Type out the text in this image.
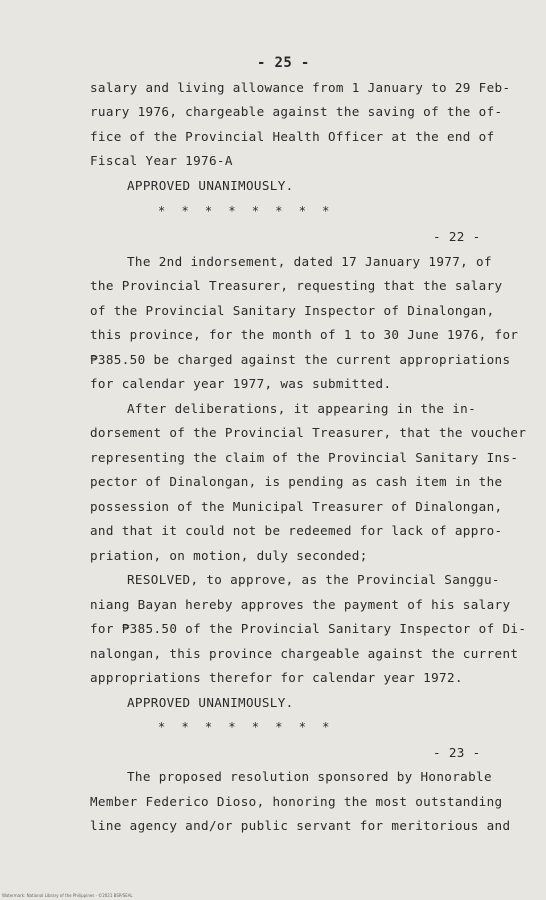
- 25 -
salary and living allowance from 1 January to 29 Feb-
ruary 1976, chargeable against the saving of the of-
fice of the Provincial Health Officer at the end of
Fiscal Year 1976-A
APPROVED UNANIMOUSLY.
* * * * * * * *
- 22 -
The 2nd indorsement, dated 17 January 1977, of
the Provincial Treasurer, requesting that the salary
of the Provincial Sanitary Inspector of Dinalongan,
this province, for the month of 1 to 30 June 1976, for
₱385.50 be charged against the current appropriations
for calendar year 1977, was submitted.
After deliberations, it appearing in the in-
dorsement of the Provincial Treasurer, that the voucher
representing the claim of the Provincial Sanitary Ins-
pector of Dinalongan, is pending as cash item in the
possession of the Municipal Treasurer of Dinalongan,
and that it could not be redeemed for lack of appro-
priation, on motion, duly seconded;
RESOLVED, to approve, as the Provincial Sanggu-
niang Bayan hereby approves the payment of his salary
for ₱385.50 of the Provincial Sanitary Inspector of Di-
nalongan, this province chargeable against the current
appropriations therefor for calendar year 1972.
APPROVED UNANIMOUSLY.
* * * * * * * *
- 23 -
The proposed resolution sponsored by Honorable
Member Federico Dioso, honoring the most outstanding
line agency and/or public servant for meritorious and
Watermark: National Library of the Philippines · ©2021 BSP/SEAL
